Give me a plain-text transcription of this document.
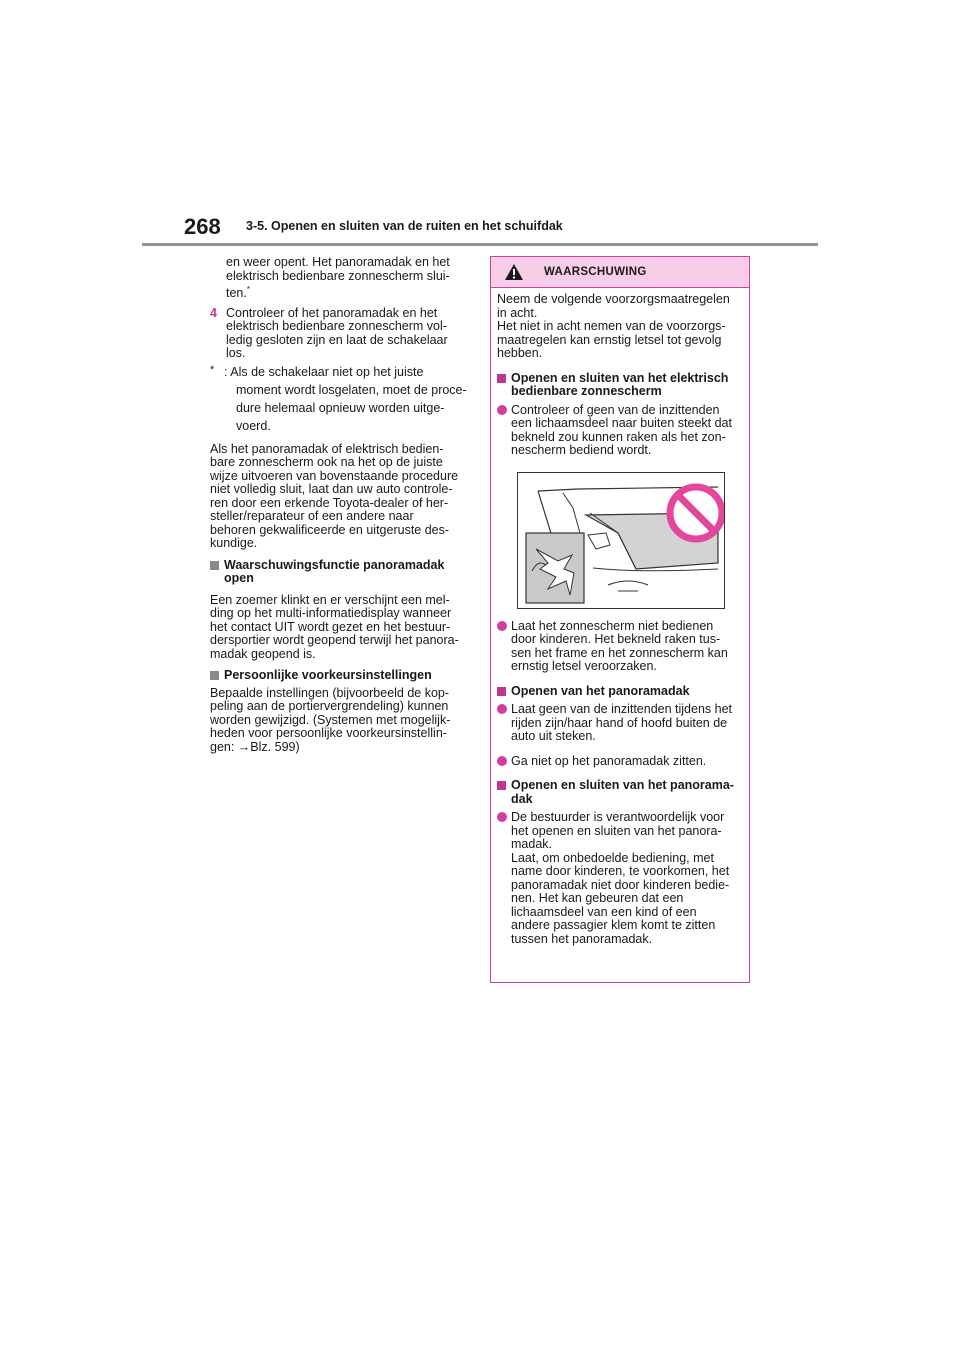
268 3-5. Openen en sluiten van de ruiten en het schuifdak

en weer opent. Het panoramadak en het

elektrisch bedienbare zonnescherm slui-

ten.*

4 Controleer of het panoramadak en het

elektrisch bedienbare zonnescherm vol-

ledig gesloten zijn en laat de schakelaar

los.

* : Als de schakelaar niet op het juiste

moment wordt losgelaten, moet de proce-

dure helemaal opnieuw worden uitge-

voerd.

Als het panoramadak of elektrisch bedien-

bare zonnescherm ook na het op de juiste

wijze uitvoeren van bovenstaande procedure

niet volledig sluit, laat dan uw auto controle-

ren door een erkende Toyota-dealer of her-

steller/reparateur of een andere naar

behoren gekwalificeerde en uitgeruste des-

kundige.

Waarschuwingsfunctie panoramadak

open

Een zoemer klinkt en er verschijnt een mel-

ding op het multi-informatiedisplay wanneer

het contact UIT wordt gezet en het bestuur-

dersportier wordt geopend terwijl het panora-

madak geopend is.

Persoonlijke voorkeursinstellingen

Bepaalde instellingen (bijvoorbeeld de kop-

peling aan de portiervergrendeling) kunnen

worden gewijzigd. (Systemen met mogelijk-

heden voor persoonlijke voorkeursinstellin-

gen: →Blz. 599)

WAARSCHUWING

Neem de volgende voorzorgsmaatregelen

in acht.

Het niet in acht nemen van de voorzorgs-

maatregelen kan ernstig letsel tot gevolg

hebben.

Openen en sluiten van het elektrisch

bedienbare zonnescherm

Controleer of geen van de inzittenden

een lichaamsdeel naar buiten steekt dat

bekneld zou kunnen raken als het zon-

nescherm bediend wordt.

Laat het zonnescherm niet bedienen

door kinderen. Het bekneld raken tus-

sen het frame en het zonnescherm kan

ernstig letsel veroorzaken.

Openen van het panoramadak

Laat geen van de inzittenden tijdens het

rijden zijn/haar hand of hoofd buiten de

auto uit steken.

Ga niet op het panoramadak zitten.

Openen en sluiten van het panorama-

dak

De bestuurder is verantwoordelijk voor

het openen en sluiten van het panora-

madak.

Laat, om onbedoelde bediening, met

name door kinderen, te voorkomen, het

panoramadak niet door kinderen bedie-

nen. Het kan gebeuren dat een

lichaamsdeel van een kind of een

andere passagier klem komt te zitten

tussen het panoramadak.
